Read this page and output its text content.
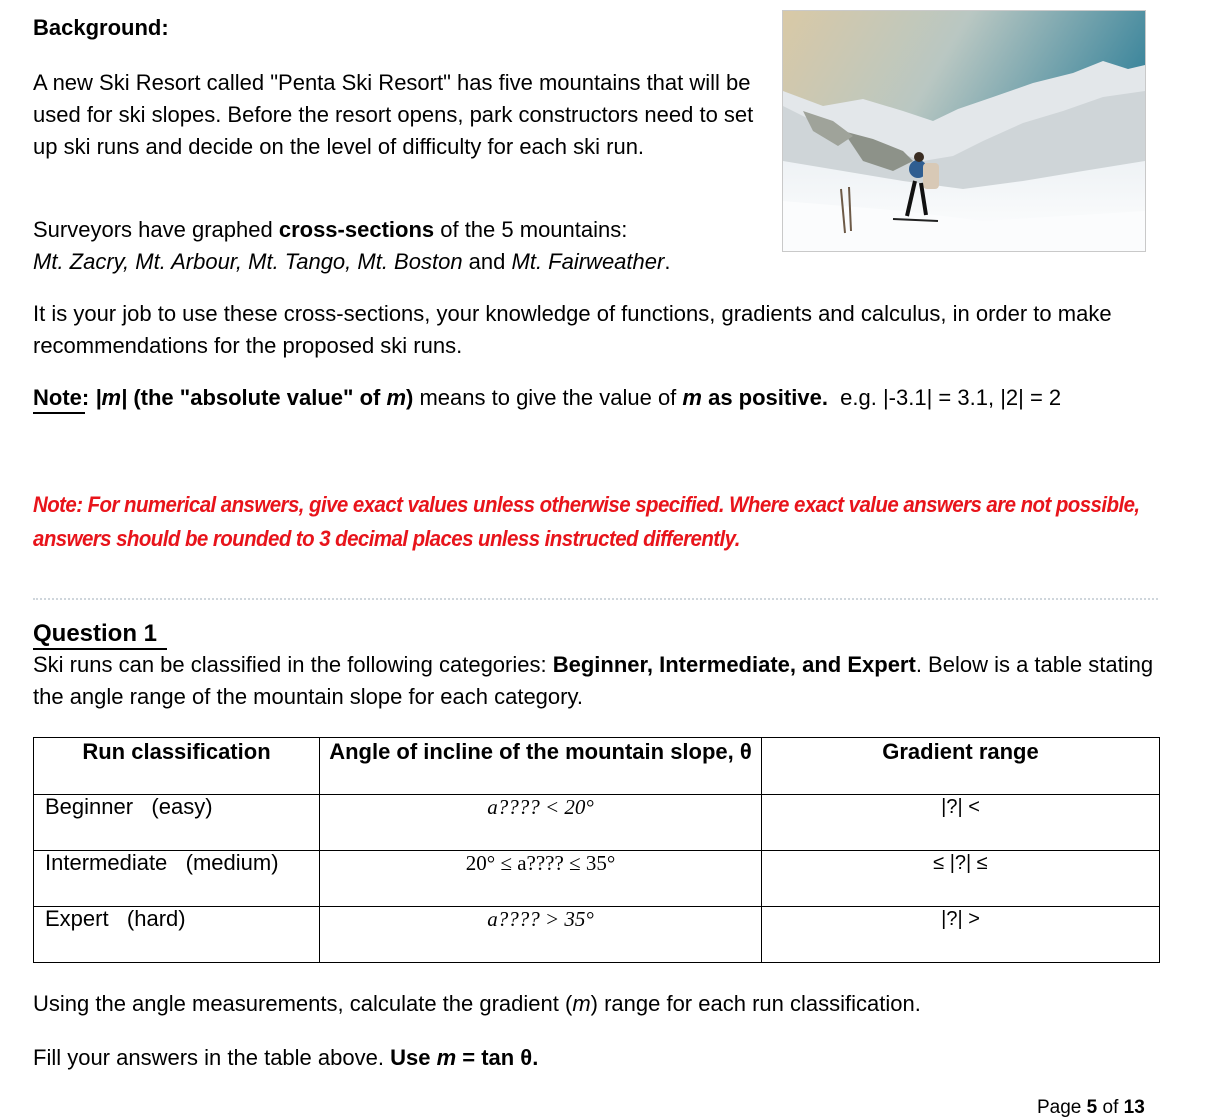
Background:

A new Ski Resort called "Penta Ski Resort" has five mountains that will be used for ski slopes. Before the resort opens, park constructors need to set up ski runs and decide on the level of difficulty for each ski run.

Surveyors have graphed cross-sections of the 5 mountains:
Mt. Zacry, Mt. Arbour, Mt. Tango, Mt. Boston and Mt. Fairweather.

It is your job to use these cross-sections, your knowledge of functions, gradients and calculus, in order to make recommendations for the proposed ski runs.

Note: |m| (the "absolute value" of m) means to give the value of m as positive.  e.g. |-3.1| = 3.1, |2| = 2

Note: For numerical answers, give exact values unless otherwise specified. Where exact value answers are not possible, answers should be rounded to 3 decimal places unless instructed differently.

Question 1

Ski runs can be classified in the following categories: Beginner, Intermediate, and Expert. Below is a table stating the angle range of the mountain slope for each category.

Run classification	Angle of incline of the mountain slope, θ	Gradient range
Beginner   (easy)	a???? < 20°	|?| <
Intermediate   (medium)	20° ≤ a???? ≤ 35°	≤ |?| ≤
Expert   (hard)	a???? > 35°	|?| >

Using the angle measurements, calculate the gradient (m) range for each run classification.

Fill your answers in the table above. Use m = tan θ.

Page 5 of 13
